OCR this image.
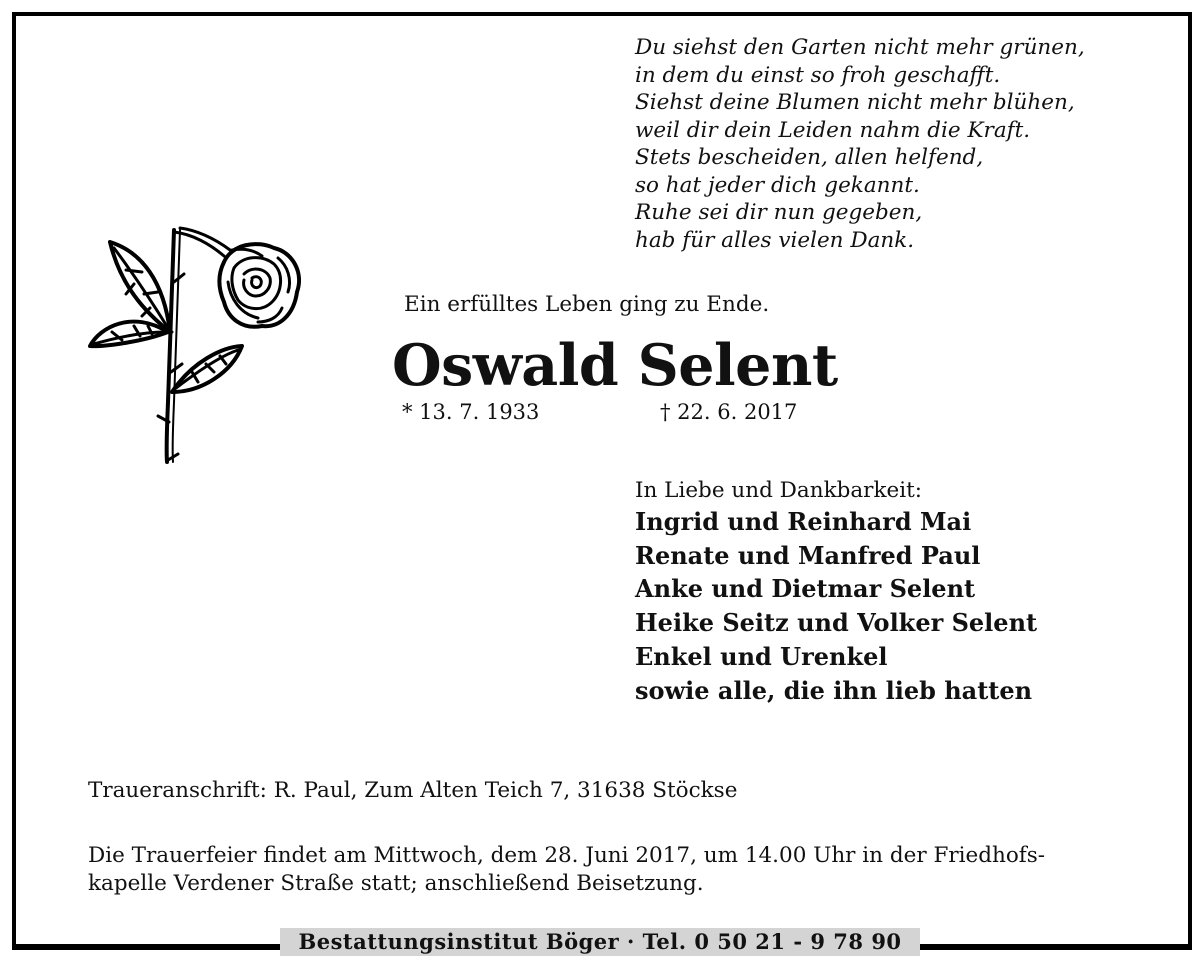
Du siehst den Garten nicht mehr grünen,
in dem du einst so froh geschafft.
Siehst deine Blumen nicht mehr blühen,
weil dir dein Leiden nahm die Kraft.
Stets bescheiden, allen helfend,
so hat jeder dich gekannt.
Ruhe sei dir nun gegeben,
hab für alles vielen Dank.
Ein erfülltes Leben ging zu Ende.
Oswald Selent
* 13. 7. 1933	† 22. 6. 2017
In Liebe und Dankbarkeit:
Ingrid und Reinhard Mai
Renate und Manfred Paul
Anke und Dietmar Selent
Heike Seitz und Volker Selent
Enkel und Urenkel
sowie alle, die ihn lieb hatten
Traueranschrift: R. Paul, Zum Alten Teich 7, 31638 Stöckse
Die Trauerfeier findet am Mittwoch, dem 28. Juni 2017, um 14.00 Uhr in der Friedhofs-
kapelle Verdener Straße statt; anschließend Beisetzung.
Bestattungsinstitut Böger · Tel. 0 50 21 - 9 78 90
